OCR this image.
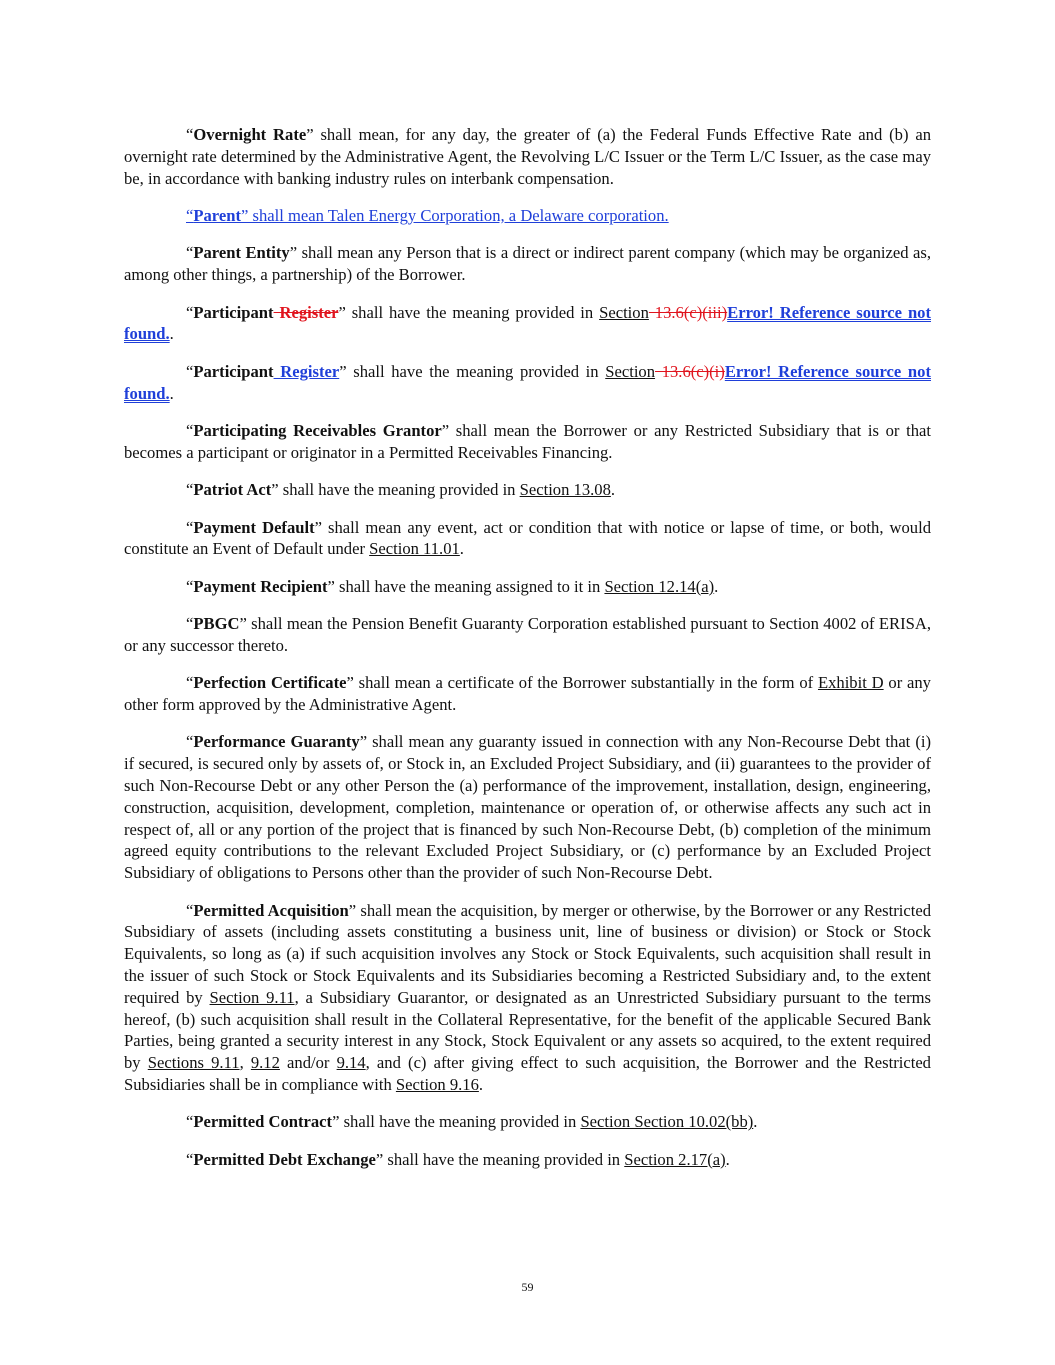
“Overnight Rate” shall mean, for any day, the greater of (a) the Federal Funds Effective Rate and (b) an overnight rate determined by the Administrative Agent, the Revolving L/C Issuer or the Term L/C Issuer, as the case may be, in accordance with banking industry rules on interbank compensation.

“Parent” shall mean Talen Energy Corporation, a Delaware corporation.

“Parent Entity” shall mean any Person that is a direct or indirect parent company (which may be organized as, among other things, a partnership) of the Borrower.

“Participant Register” shall have the meaning provided in Section 13.6(c)(iii)Error! Reference source not found..

“Participant Register” shall have the meaning provided in Section 13.6(c)(i)Error! Reference source not found..

“Participating Receivables Grantor” shall mean the Borrower or any Restricted Subsidiary that is or that becomes a participant or originator in a Permitted Receivables Financing.

“Patriot Act” shall have the meaning provided in Section 13.08.

“Payment Default” shall mean any event, act or condition that with notice or lapse of time, or both, would constitute an Event of Default under Section 11.01.

“Payment Recipient” shall have the meaning assigned to it in Section 12.14(a).

“PBGC” shall mean the Pension Benefit Guaranty Corporation established pursuant to Section 4002 of ERISA, or any successor thereto.

“Perfection Certificate” shall mean a certificate of the Borrower substantially in the form of Exhibit D or any other form approved by the Administrative Agent.

“Performance Guaranty” shall mean any guaranty issued in connection with any Non-Recourse Debt that (i) if secured, is secured only by assets of, or Stock in, an Excluded Project Subsidiary, and (ii) guarantees to the provider of such Non-Recourse Debt or any other Person the (a) performance of the improvement, installation, design, engineering, construction, acquisition, development, completion, maintenance or operation of, or otherwise affects any such act in respect of, all or any portion of the project that is financed by such Non-Recourse Debt, (b) completion of the minimum agreed equity contributions to the relevant Excluded Project Subsidiary, or (c) performance by an Excluded Project Subsidiary of obligations to Persons other than the provider of such Non-Recourse Debt.

“Permitted Acquisition” shall mean the acquisition, by merger or otherwise, by the Borrower or any Restricted Subsidiary of assets (including assets constituting a business unit, line of business or division) or Stock or Stock Equivalents, so long as (a) if such acquisition involves any Stock or Stock Equivalents, such acquisition shall result in the issuer of such Stock or Stock Equivalents and its Subsidiaries becoming a Restricted Subsidiary and, to the extent required by Section 9.11, a Subsidiary Guarantor, or designated as an Unrestricted Subsidiary pursuant to the terms hereof, (b) such acquisition shall result in the Collateral Representative, for the benefit of the applicable Secured Bank Parties, being granted a security interest in any Stock, Stock Equivalent or any assets so acquired, to the extent required by Sections 9.11, 9.12 and/or 9.14, and (c) after giving effect to such acquisition, the Borrower and the Restricted Subsidiaries shall be in compliance with Section 9.16.

“Permitted Contract” shall have the meaning provided in Section Section 10.02(bb).

“Permitted Debt Exchange” shall have the meaning provided in Section 2.17(a).

59
